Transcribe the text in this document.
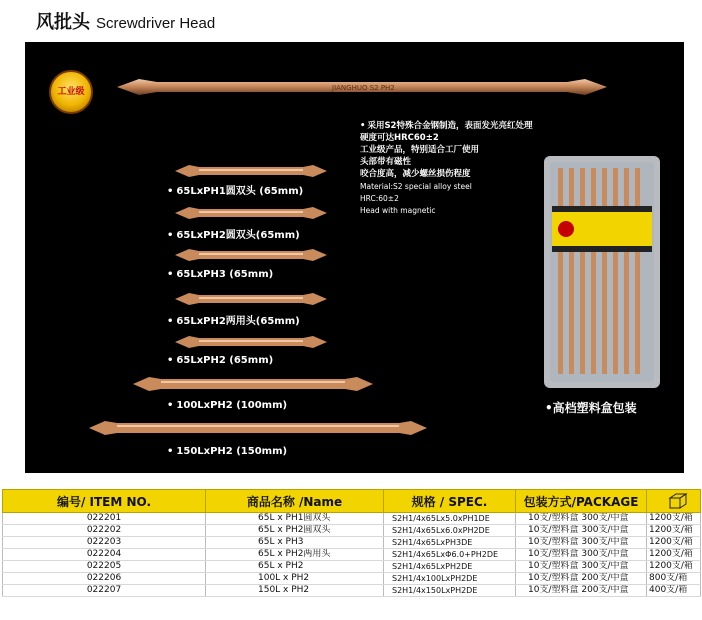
风批头 Screwdriver Head
工业级	JIANGHUO S2 PH2
• 65LxPH1圆双头 (65mm)
• 65LxPH2圆双头(65mm)
• 65LxPH3 (65mm)
• 65LxPH2两用头(65mm)
• 65LxPH2 (65mm)
• 100LxPH2 (100mm)
• 150LxPH2 (150mm)
• 采用S2特殊合金钢制造，表面发光亮红处理
硬度可达HRC60±2
工业级产品，特别适合工厂使用
头部带有磁性
咬合度高，减少螺丝损伤程度
Material:S2 special alloy steel
HRC:60±2
Head with magnetic
•高档塑料盒包装
编号/ ITEM NO.	商品名称 /Name	规格 / SPEC.	包装方式/PACKAGE	
022201	65L x PH1圆双头	S2H1/4x65Lx5.0xPH1DE	10支/塑料盒 300支/中盒	1200支/箱
022202	65L x PH2圆双头	S2H1/4x65Lx6.0xPH2DE	10支/塑料盒 300支/中盒	1200支/箱
022203	65L x PH3	S2H1/4x65LxPH3DE	10支/塑料盒 300支/中盒	1200支/箱
022204	65L x PH2两用头	S2H1/4x65LxΦ6.0+PH2DE	10支/塑料盒 300支/中盒	1200支/箱
022205	65L x PH2	S2H1/4x65LxPH2DE	10支/塑料盒 300支/中盒	1200支/箱
022206	100L x PH2	S2H1/4x100LxPH2DE	10支/塑料盒 200支/中盒	800支/箱
022207	150L x PH2	S2H1/4x150LxPH2DE	10支/塑料盒 200支/中盒	400支/箱
